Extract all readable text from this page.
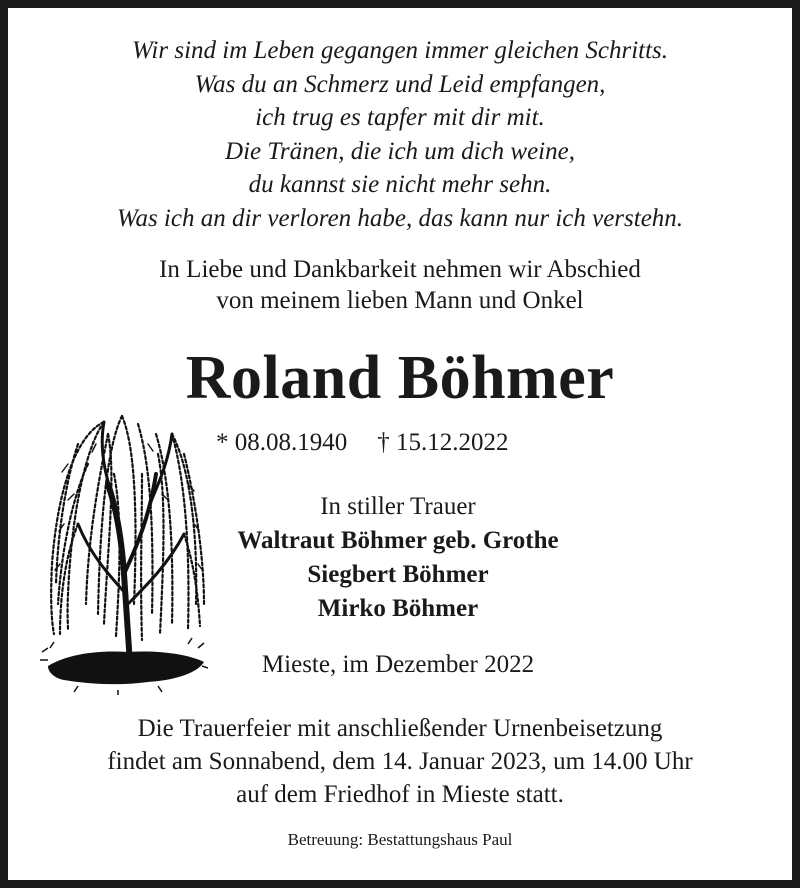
Wir sind im Leben gegangen immer gleichen Schritts.
Was du an Schmerz und Leid empfangen,
ich trug es tapfer mit dir mit.
Die Tränen, die ich um dich weine,
du kannst sie nicht mehr sehn.
Was ich an dir verloren habe, das kann nur ich verstehn.
In Liebe und Dankbarkeit nehmen wir Abschied
von meinem lieben Mann und Onkel
Roland Böhmer
* 08.08.1940 † 15.12.2022
In stiller Trauer
Waltraut Böhmer geb. Grothe
Siegbert Böhmer
Mirko Böhmer
Mieste, im Dezember 2022
Die Trauerfeier mit anschließender Urnenbeisetzung
findet am Sonnabend, dem 14. Januar 2023, um 14.00 Uhr
auf dem Friedhof in Mieste statt.
Betreuung: Bestattungshaus Paul
